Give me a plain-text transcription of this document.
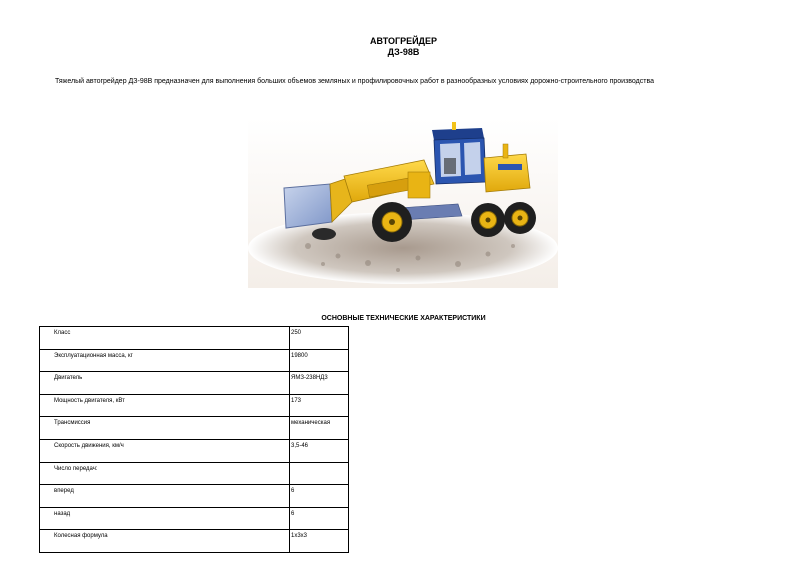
АВТОГРЕЙДЕР
ДЗ-98В
Тяжелый автогрейдер ДЗ-98В предназначен для выполнения больших объемов земляных и профилировочных работ в разнообразных условиях дорожно-строительного производства
ОСНОВНЫЕ ТЕХНИЧЕСКИЕ ХАРАКТЕРИСТИКИ
Класс	250
Эксплуатационная масса, кг	19800
Двигатель	ЯМЗ-238НД3
Мощность двигателя, кВт	173
Трансмиссия	механическая
Скорость движения, км/ч	3,5-46
Число передач:	
вперед	6
назад	6
Колесная формула	1х3х3
